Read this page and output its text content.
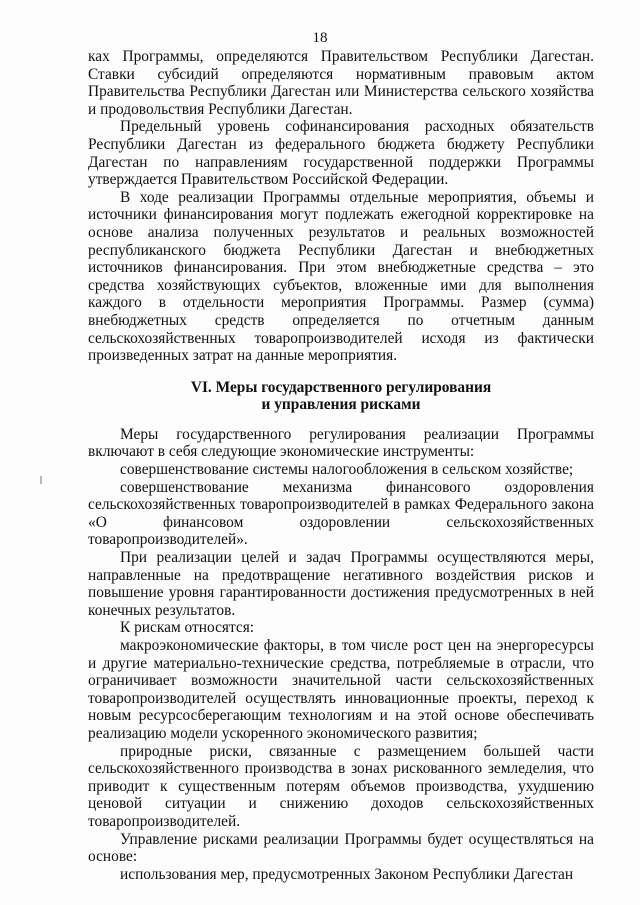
18

ках Программы, определяются Правительством Республики Дагестан. Ставки субсидий определяются нормативным правовым актом Правительства Республики Дагестан или Министерства сельского хозяйства и продовольствия Республики Дагестан.

Предельный уровень софинансирования расходных обязательств Республики Дагестан из федерального бюджета бюджету Республики Дагестан по направлениям государственной поддержки Программы утверждается Правительством Российской Федерации.

В ходе реализации Программы отдельные мероприятия, объемы и источники финансирования могут подлежать ежегодной корректировке на основе анализа полученных результатов и реальных возможностей республиканского бюджета Республики Дагестан и внебюджетных источников финансирования. При этом внебюджетные средства – это средства хозяйствующих субъектов, вложенные ими для выполнения каждого в отдельности мероприятия Программы. Размер (сумма) внебюджетных средств определяется по отчетным данным сельскохозяйственных товаропроизводителей исходя из фактически произведенных затрат на данные мероприятия.

VI. Меры государственного регулирования
и управления рисками

Меры государственного регулирования реализации Программы включают в себя следующие экономические инструменты:

совершенствование системы налогообложения в сельском хозяйстве;

совершенствование механизма финансового оздоровления сельскохозяйственных товаропроизводителей в рамках Федерального закона «О финансовом оздоровлении сельскохозяйственных товаропроизводителей».

При реализации целей и задач Программы осуществляются меры, направленные на предотвращение негативного воздействия рисков и повышение уровня гарантированности достижения предусмотренных в ней конечных результатов.

К рискам относятся:

макроэкономические факторы, в том числе рост цен на энергоресурсы и другие материально-технические средства, потребляемые в отрасли, что ограничивает возможности значительной части сельскохозяйственных товаропроизводителей осуществлять инновационные проекты, переход к новым ресурсосберегающим технологиям и на этой основе обеспечивать реализацию модели ускоренного экономического развития;

природные риски, связанные с размещением большей части сельскохозяйственного производства в зонах рискованного земледелия, что приводит к существенным потерям объемов производства, ухудшению ценовой ситуации и снижению доходов сельскохозяйственных товаропроизводителей.

Управление рисками реализации Программы будет осуществляться на основе:

использования мер, предусмотренных Законом Республики Дагестан
